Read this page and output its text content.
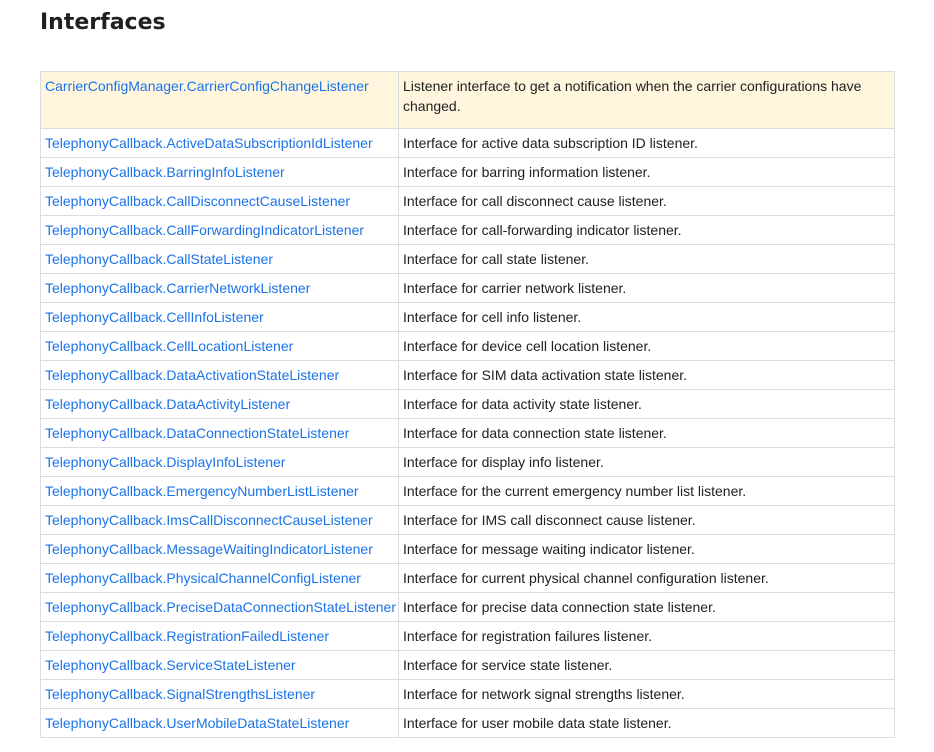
Interfaces
CarrierConfigManager.CarrierConfigChangeListener	Listener interface to get a notification when the carrier configurations have changed.
TelephonyCallback.ActiveDataSubscriptionIdListener	Interface for active data subscription ID listener.
TelephonyCallback.BarringInfoListener	Interface for barring information listener.
TelephonyCallback.CallDisconnectCauseListener	Interface for call disconnect cause listener.
TelephonyCallback.CallForwardingIndicatorListener	Interface for call-forwarding indicator listener.
TelephonyCallback.CallStateListener	Interface for call state listener.
TelephonyCallback.CarrierNetworkListener	Interface for carrier network listener.
TelephonyCallback.CellInfoListener	Interface for cell info listener.
TelephonyCallback.CellLocationListener	Interface for device cell location listener.
TelephonyCallback.DataActivationStateListener	Interface for SIM data activation state listener.
TelephonyCallback.DataActivityListener	Interface for data activity state listener.
TelephonyCallback.DataConnectionStateListener	Interface for data connection state listener.
TelephonyCallback.DisplayInfoListener	Interface for display info listener.
TelephonyCallback.EmergencyNumberListListener	Interface for the current emergency number list listener.
TelephonyCallback.ImsCallDisconnectCauseListener	Interface for IMS call disconnect cause listener.
TelephonyCallback.MessageWaitingIndicatorListener	Interface for message waiting indicator listener.
TelephonyCallback.PhysicalChannelConfigListener	Interface for current physical channel configuration listener.
TelephonyCallback.PreciseDataConnectionStateListener	Interface for precise data connection state listener.
TelephonyCallback.RegistrationFailedListener	Interface for registration failures listener.
TelephonyCallback.ServiceStateListener	Interface for service state listener.
TelephonyCallback.SignalStrengthsListener	Interface for network signal strengths listener.
TelephonyCallback.UserMobileDataStateListener	Interface for user mobile data state listener.
